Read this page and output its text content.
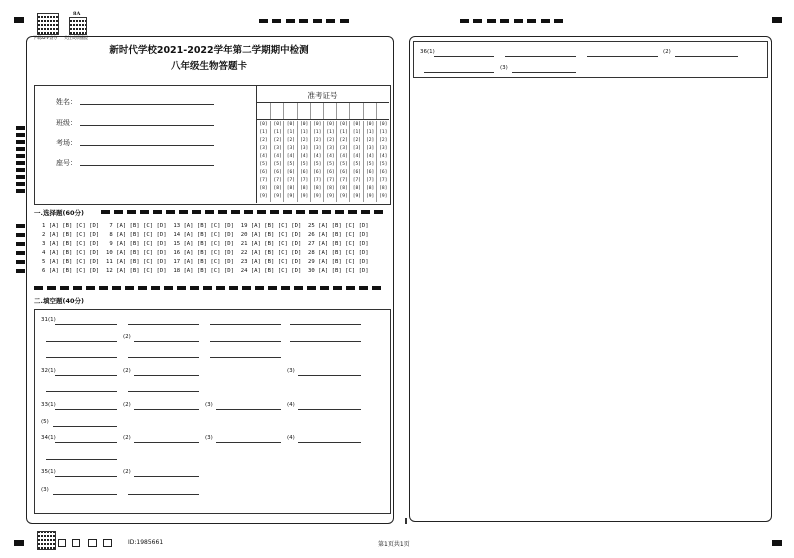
下载APP查分
8A
关注成绩播报
新时代学校2021-2022学年第二学期期中检测
八年级生物答题卡
姓名：
班级：
考场：
座号：
准考证号
[0]
[1]
[2]
[3]
[4]
[5]
[6]
[7]
[8]
[9]
[0]
[1]
[2]
[3]
[4]
[5]
[6]
[7]
[8]
[9]
[0]
[1]
[2]
[3]
[4]
[5]
[6]
[7]
[8]
[9]
[0]
[1]
[2]
[3]
[4]
[5]
[6]
[7]
[8]
[9]
[0]
[1]
[2]
[3]
[4]
[5]
[6]
[7]
[8]
[9]
[0]
[1]
[2]
[3]
[4]
[5]
[6]
[7]
[8]
[9]
[0]
[1]
[2]
[3]
[4]
[5]
[6]
[7]
[8]
[9]
[0]
[1]
[2]
[3]
[4]
[5]
[6]
[7]
[8]
[9]
[0]
[1]
[2]
[3]
[4]
[5]
[6]
[7]
[8]
[9]
[0]
[1]
[2]
[3]
[4]
[5]
[6]
[7]
[8]
[9]
一.选择题(60分)
1 [A] [B] [C] [D]   7 [A] [B] [C] [D]  13 [A] [B] [C] [D]  19 [A] [B] [C] [D]  25 [A] [B] [C] [D]
2 [A] [B] [C] [D]   8 [A] [B] [C] [D]  14 [A] [B] [C] [D]  20 [A] [B] [C] [D]  26 [A] [B] [C] [D]
3 [A] [B] [C] [D]   9 [A] [B] [C] [D]  15 [A] [B] [C] [D]  21 [A] [B] [C] [D]  27 [A] [B] [C] [D]
4 [A] [B] [C] [D]  10 [A] [B] [C] [D]  16 [A] [B] [C] [D]  22 [A] [B] [C] [D]  28 [A] [B] [C] [D]
5 [A] [B] [C] [D]  11 [A] [B] [C] [D]  17 [A] [B] [C] [D]  23 [A] [B] [C] [D]  29 [A] [B] [C] [D]
6 [A] [B] [C] [D]  12 [A] [B] [C] [D]  18 [A] [B] [C] [D]  24 [A] [B] [C] [D]  30 [A] [B] [C] [D]
二.填空题(40分)
31(1)
(2)
32(1)	(2)	(3)
33(1)	(2)	(3)	(4)
(5)
34(1)	(2)	(3)	(4)
35(1)	(2)
(3)
36(1)	(2)
(3)
ID:1985661	第1页共1页
